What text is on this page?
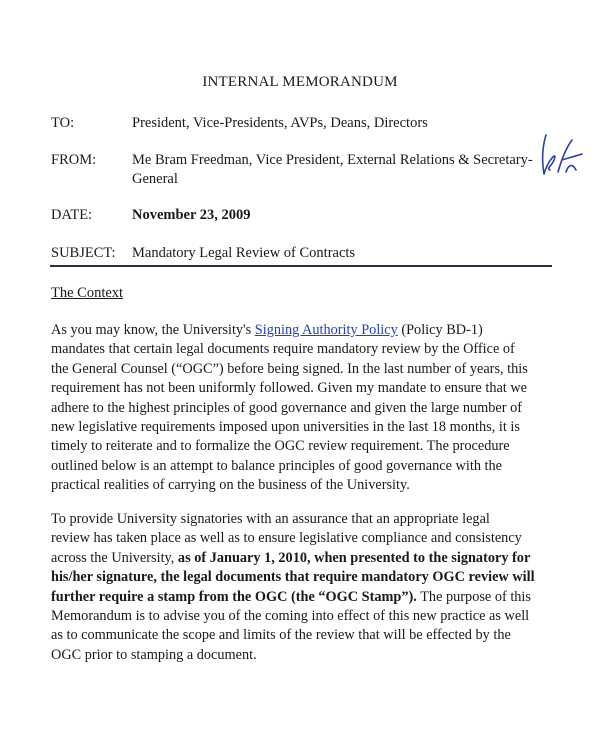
INTERNAL MEMORANDUM
TO:	President, Vice-Presidents, AVPs, Deans, Directors
FROM:	Me Bram Freedman, Vice President, External Relations & Secretary-
General
DATE:	November 23, 2009
SUBJECT:	Mandatory Legal Review of Contracts
The Context
As you may know, the University's Signing Authority Policy (Policy BD-1)
mandates that certain legal documents require mandatory review by the Office of
the General Counsel (“OGC”) before being signed. In the last number of years, this
requirement has not been uniformly followed. Given my mandate to ensure that we
adhere to the highest principles of good governance and given the large number of
new legislative requirements imposed upon universities in the last 18 months, it is
timely to reiterate and to formalize the OGC review requirement. The procedure
outlined below is an attempt to balance principles of good governance with the
practical realities of carrying on the business of the University.
To provide University signatories with an assurance that an appropriate legal
review has taken place as well as to ensure legislative compliance and consistency
across the University, as of January 1, 2010, when presented to the signatory for
his/her signature, the legal documents that require mandatory OGC review will
further require a stamp from the OGC (the “OGC Stamp”). The purpose of this
Memorandum is to advise you of the coming into effect of this new practice as well
as to communicate the scope and limits of the review that will be effected by the
OGC prior to stamping a document.
